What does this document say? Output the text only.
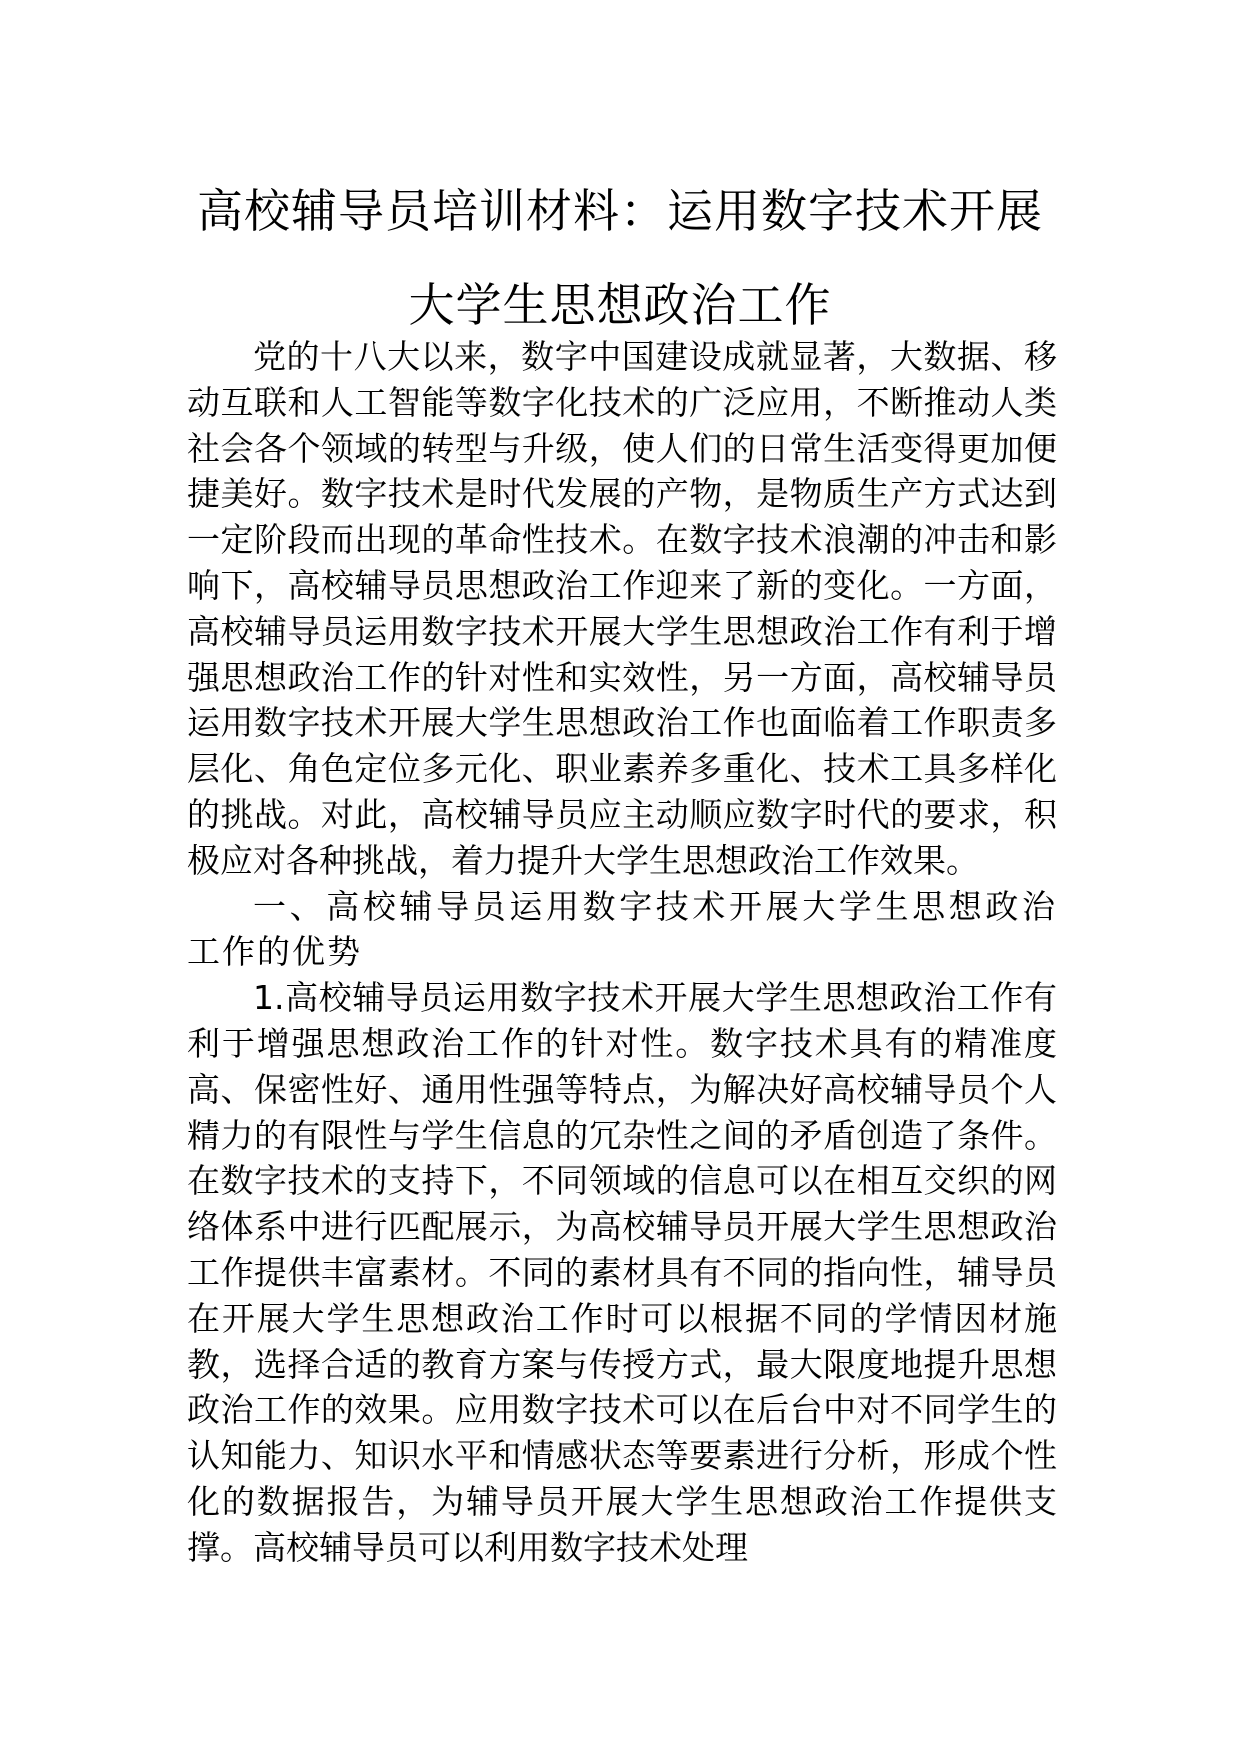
高校辅导员培训材料：运用数字技术开展
大学生思想政治工作

党的十八大以来，数字中国建设成就显著，大数据、移动互联和人工智能等数字化技术的广泛应用，不断推动人类社会各个领域的转型与升级，使人们的日常生活变得更加便捷美好。数字技术是时代发展的产物，是物质生产方式达到一定阶段而出现的革命性技术。在数字技术浪潮的冲击和影响下，高校辅导员思想政治工作迎来了新的变化。一方面，高校辅导员运用数字技术开展大学生思想政治工作有利于增强思想政治工作的针对性和实效性，另一方面，高校辅导员运用数字技术开展大学生思想政治工作也面临着工作职责多层化、角色定位多元化、职业素养多重化、技术工具多样化的挑战。对此，高校辅导员应主动顺应数字时代的要求，积极应对各种挑战，着力提升大学生思想政治工作效果。

一、高校辅导员运用数字技术开展大学生思想政治工作的优势

1.高校辅导员运用数字技术开展大学生思想政治工作有利于增强思想政治工作的针对性。数字技术具有的精准度高、保密性好、通用性强等特点，为解决好高校辅导员个人精力的有限性与学生信息的冗杂性之间的矛盾创造了条件。在数字技术的支持下，不同领域的信息可以在相互交织的网络体系中进行匹配展示，为高校辅导员开展大学生思想政治工作提供丰富素材。不同的素材具有不同的指向性，辅导员在开展大学生思想政治工作时可以根据不同的学情因材施教，选择合适的教育方案与传授方式，最大限度地提升思想政治工作的效果。应用数字技术可以在后台中对不同学生的认知能力、知识水平和情感状态等要素进行分析，形成个性化的数据报告，为辅导员开展大学生思想政治工作提供支撑。高校辅导员可以利用数字技术处理
